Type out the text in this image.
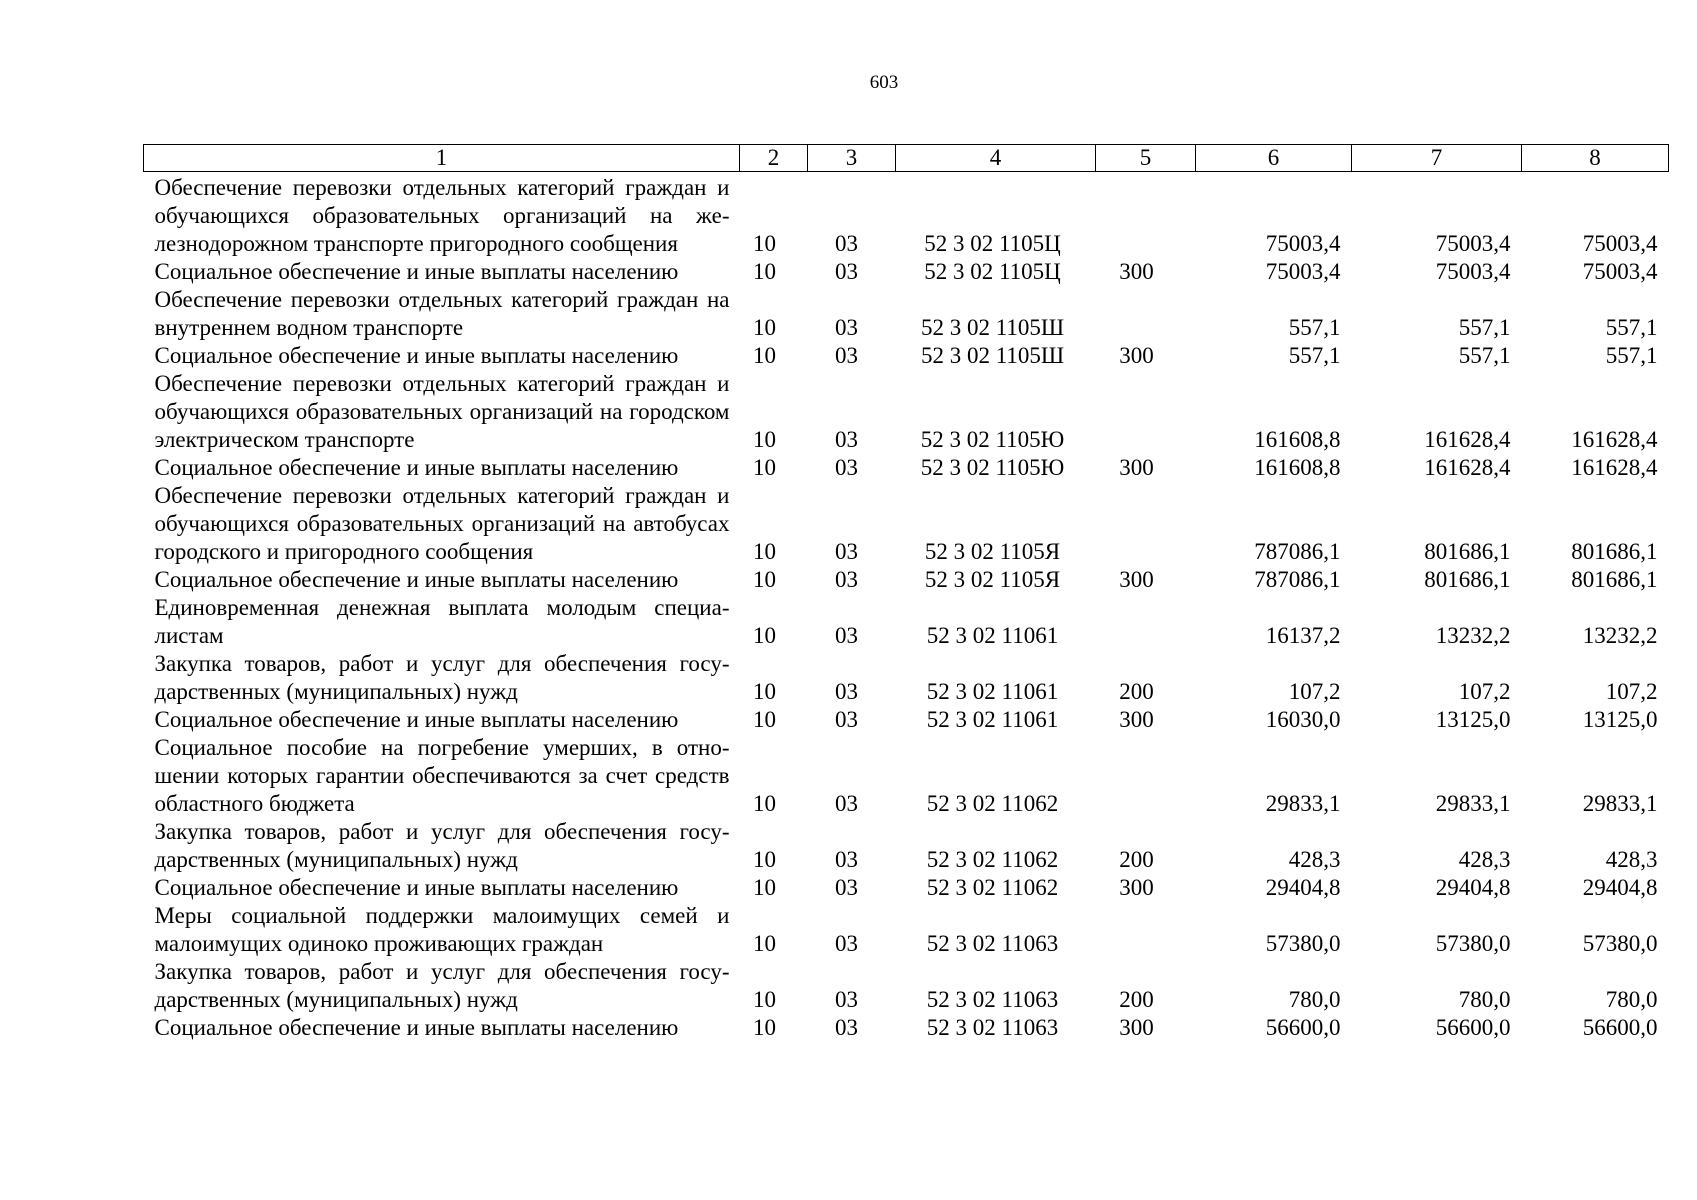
603
1	2	3	4	5	6	7	8
Обеспечение перевозки отдельных категорий граждан и обучающихся образовательных организаций на железнодорожном транспорте пригородного сообщения	10	03	52 3 02 1105Ц		75003,4	75003,4	75003,4
Социальное обеспечение и иные выплаты населению	10	03	52 3 02 1105Ц	300	75003,4	75003,4	75003,4
Обеспечение перевозки отдельных категорий граждан на внутреннем водном транспорте	10	03	52 3 02 1105Ш		557,1	557,1	557,1
Социальное обеспечение и иные выплаты населению	10	03	52 3 02 1105Ш	300	557,1	557,1	557,1
Обеспечение перевозки отдельных категорий граждан и обучающихся образовательных организаций на городском электрическом транспорте	10	03	52 3 02 1105Ю		161608,8	161628,4	161628,4
Социальное обеспечение и иные выплаты населению	10	03	52 3 02 1105Ю	300	161608,8	161628,4	161628,4
Обеспечение перевозки отдельных категорий граждан и обучающихся образовательных организаций на автобусах городского и пригородного сообщения	10	03	52 3 02 1105Я		787086,1	801686,1	801686,1
Социальное обеспечение и иные выплаты населению	10	03	52 3 02 1105Я	300	787086,1	801686,1	801686,1
Единовременная денежная выплата молодым специалистам	10	03	52 3 02 11061		16137,2	13232,2	13232,2
Закупка товаров, работ и услуг для обеспечения государственных (муниципальных) нужд	10	03	52 3 02 11061	200	107,2	107,2	107,2
Социальное обеспечение и иные выплаты населению	10	03	52 3 02 11061	300	16030,0	13125,0	13125,0
Социальное пособие на погребение умерших, в отношении которых гарантии обеспечиваются за счет средств областного бюджета	10	03	52 3 02 11062		29833,1	29833,1	29833,1
Закупка товаров, работ и услуг для обеспечения государственных (муниципальных) нужд	10	03	52 3 02 11062	200	428,3	428,3	428,3
Социальное обеспечение и иные выплаты населению	10	03	52 3 02 11062	300	29404,8	29404,8	29404,8
Меры социальной поддержки малоимущих семей и малоимущих одиноко проживающих граждан	10	03	52 3 02 11063		57380,0	57380,0	57380,0
Закупка товаров, работ и услуг для обеспечения государственных (муниципальных) нужд	10	03	52 3 02 11063	200	780,0	780,0	780,0
Социальное обеспечение и иные выплаты населению	10	03	52 3 02 11063	300	56600,0	56600,0	56600,0
